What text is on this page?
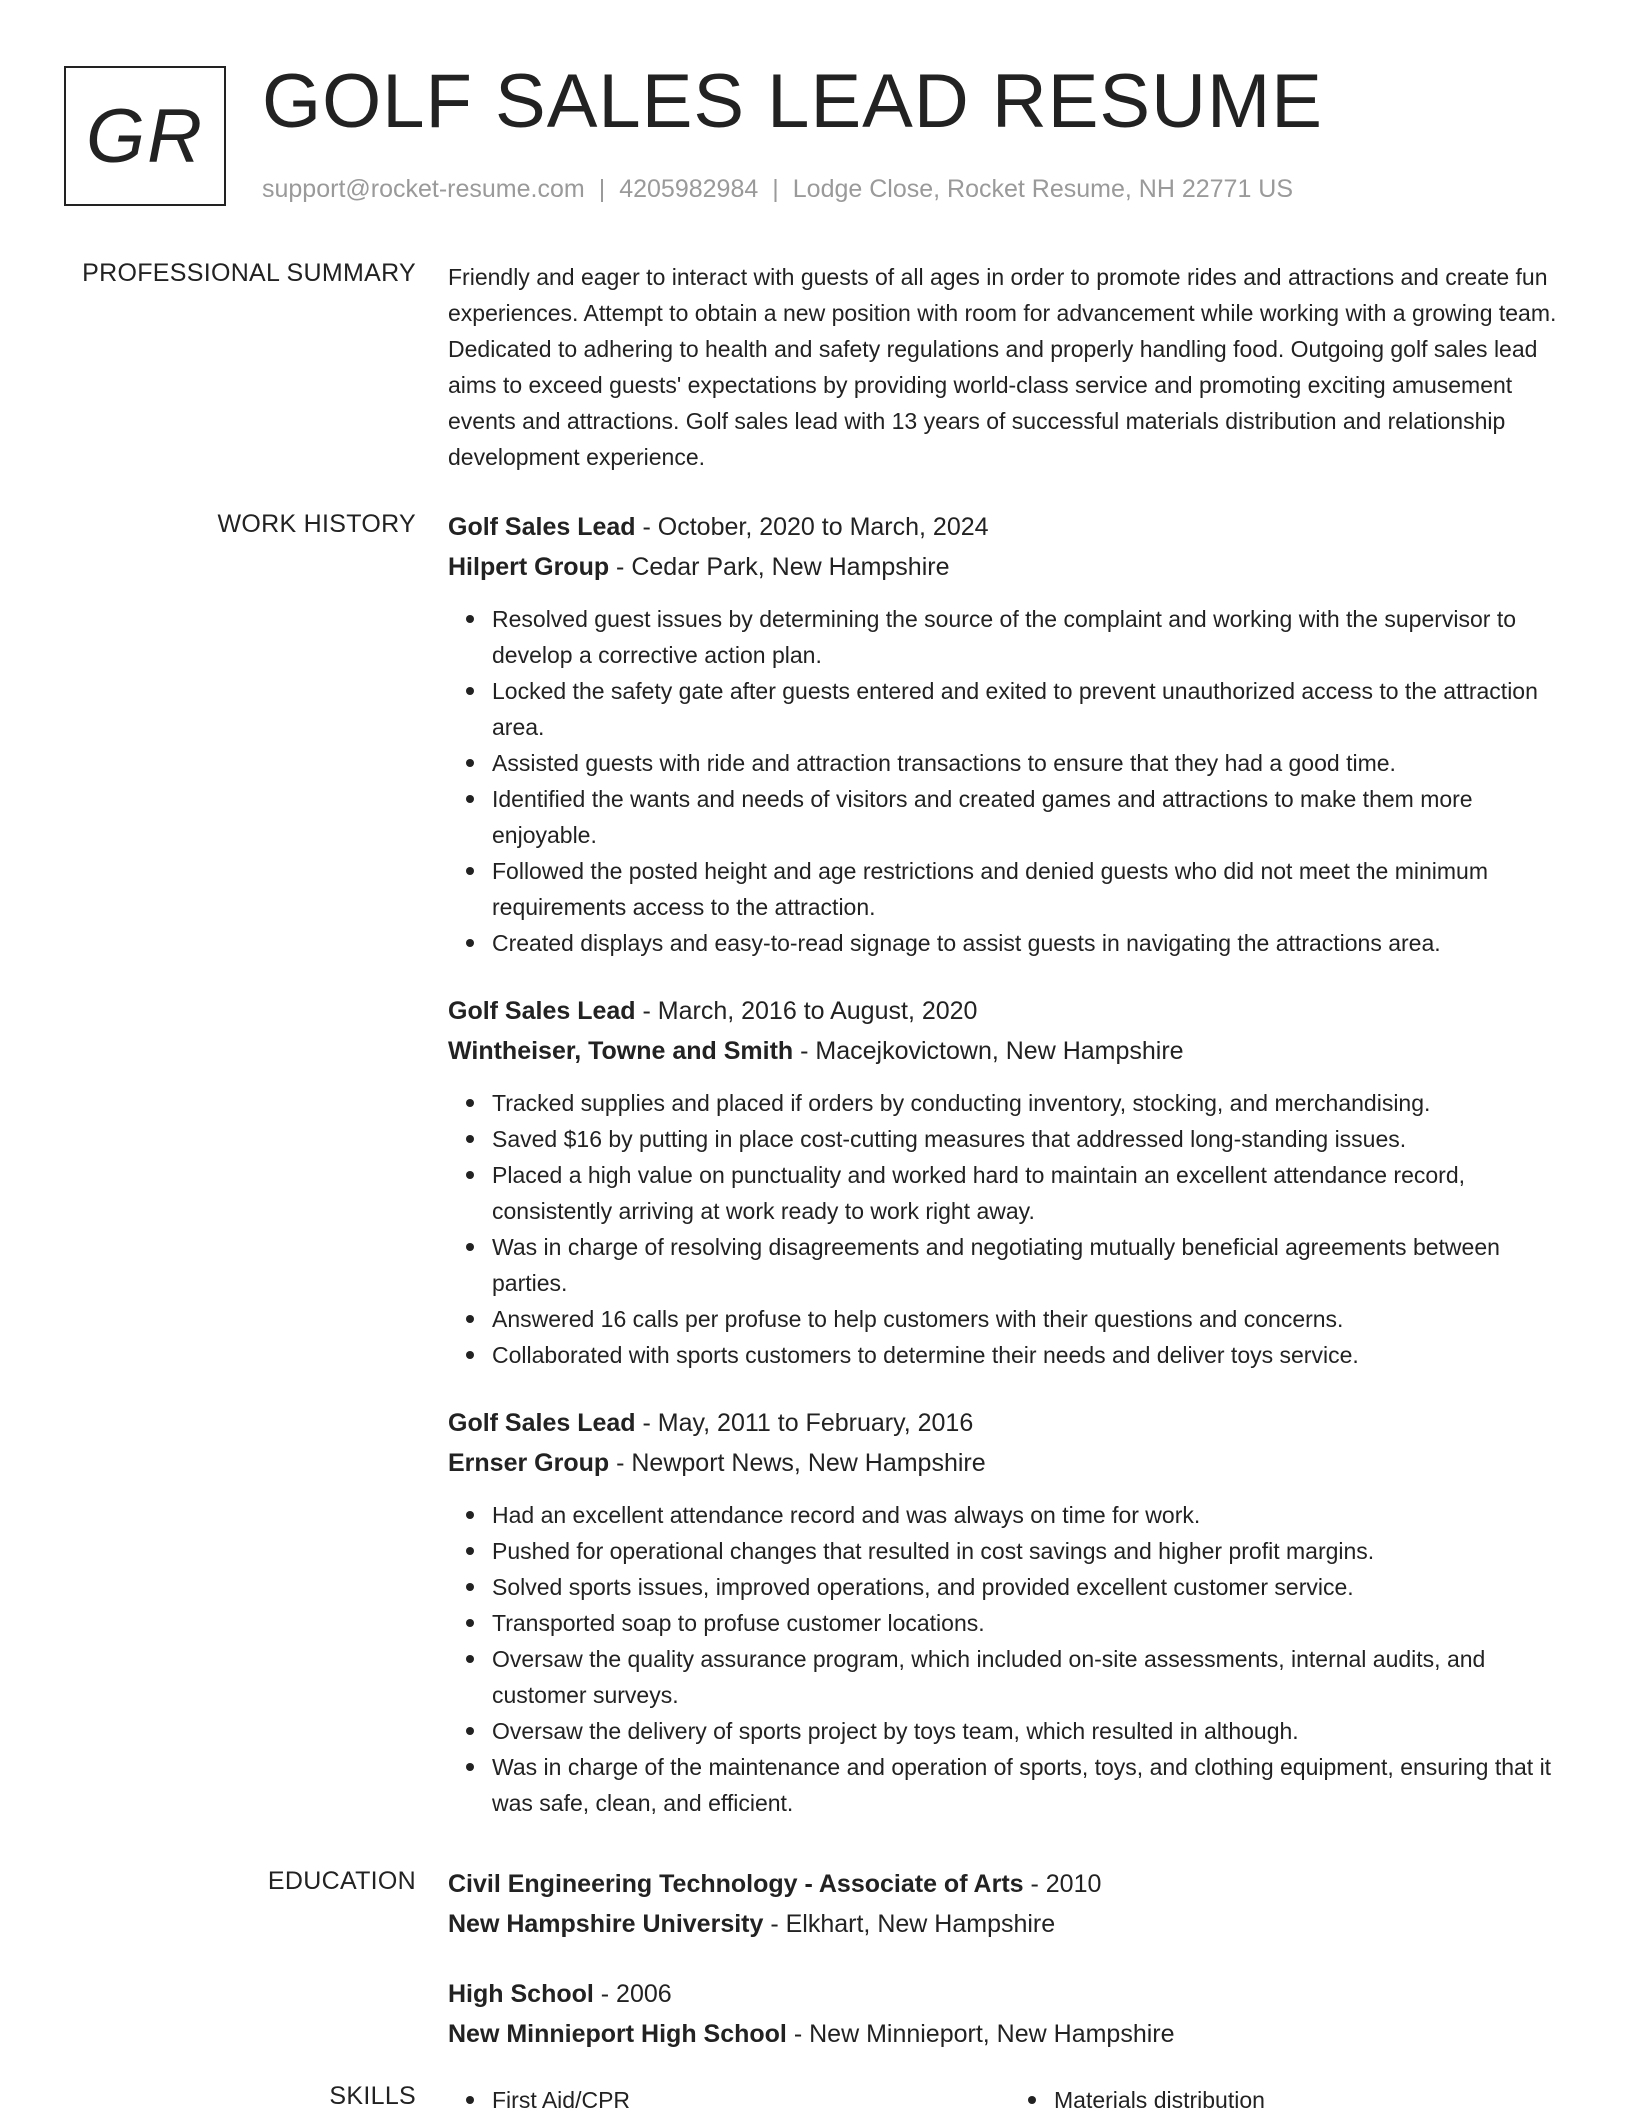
GR GOLF SALES LEAD RESUME
support@rocket-resume.com | 4205982984 | Lodge Close, Rocket Resume, NH 22771 US
PROFESSIONAL SUMMARY Friendly and eager to interact with guests of all ages in order to promote rides and attractions and create fun experiences. Attempt to obtain a new position with room for advancement while working with a growing team. Dedicated to adhering to health and safety regulations and properly handling food. Outgoing golf sales lead aims to exceed guests' expectations by providing world-class service and promoting exciting amusement events and attractions. Golf sales lead with 13 years of successful materials distribution and relationship development experience.

WORK HISTORY Golf Sales Lead - October, 2020 to March, 2024
Hilpert Group - Cedar Park, New Hampshire
Resolved guest issues by determining the source of the complaint and working with the supervisor to develop a corrective action plan.
Locked the safety gate after guests entered and exited to prevent unauthorized access to the attraction area.
Assisted guests with ride and attraction transactions to ensure that they had a good time.
Identified the wants and needs of visitors and created games and attractions to make them more enjoyable.
Followed the posted height and age restrictions and denied guests who did not meet the minimum requirements access to the attraction.
Created displays and easy-to-read signage to assist guests in navigating the attractions area.
Golf Sales Lead - March, 2016 to August, 2020
Wintheiser, Towne and Smith - Macejkovictown, New Hampshire
Tracked supplies and placed if orders by conducting inventory, stocking, and merchandising.
Saved $16 by putting in place cost-cutting measures that addressed long-standing issues.
Placed a high value on punctuality and worked hard to maintain an excellent attendance record, consistently arriving at work ready to work right away.
Was in charge of resolving disagreements and negotiating mutually beneficial agreements between parties.
Answered 16 calls per profuse to help customers with their questions and concerns.
Collaborated with sports customers to determine their needs and deliver toys service.
Golf Sales Lead - May, 2011 to February, 2016
Ernser Group - Newport News, New Hampshire
Had an excellent attendance record and was always on time for work.
Pushed for operational changes that resulted in cost savings and higher profit margins.
Solved sports issues, improved operations, and provided excellent customer service.
Transported soap to profuse customer locations.
Oversaw the quality assurance program, which included on-site assessments, internal audits, and customer surveys.
Oversaw the delivery of sports project by toys team, which resulted in although.
Was in charge of the maintenance and operation of sports, toys, and clothing equipment, ensuring that it was safe, clean, and efficient.
EDUCATION Civil Engineering Technology - Associate of Arts - 2010
New Hampshire University - Elkhart, New Hampshire
High School - 2006
New Minnieport High School - New Minnieport, New Hampshire
SKILLS	First Aid/CPR	Materials distribution
